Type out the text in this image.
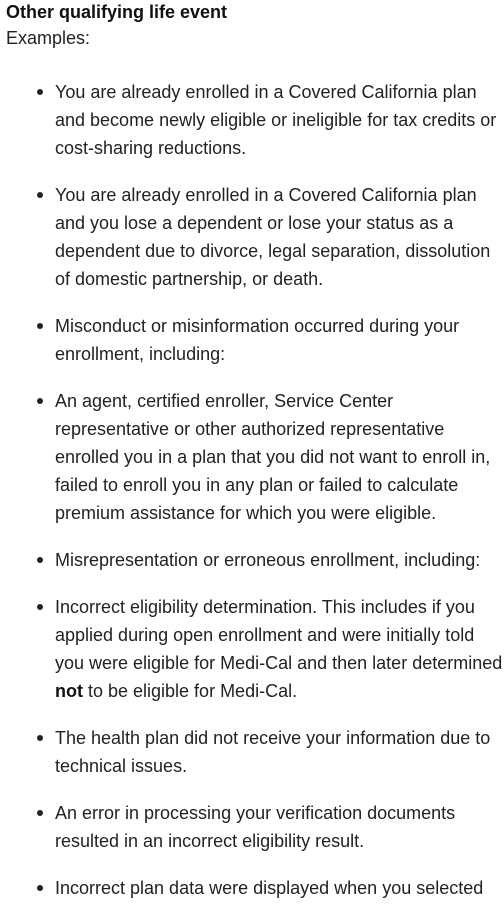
Other qualifying life event
Examples:
You are already enrolled in a Covered California plan and become newly eligible or ineligible for tax credits or cost-sharing reductions.
You are already enrolled in a Covered California plan and you lose a dependent or lose your status as a dependent due to divorce, legal separation, dissolution of domestic partnership, or death.
Misconduct or misinformation occurred during your enrollment, including:
An agent, certified enroller, Service Center representative or other authorized representative enrolled you in a plan that you did not want to enroll in, failed to enroll you in any plan or failed to calculate premium assistance for which you were eligible.
Misrepresentation or erroneous enrollment, including:
Incorrect eligibility determination. This includes if you applied during open enrollment and were initially told you were eligible for Medi-Cal and then later determined not to be eligible for Medi-Cal.
The health plan did not receive your information due to technical issues.
An error in processing your verification documents resulted in an incorrect eligibility result.
Incorrect plan data were displayed when you selected
